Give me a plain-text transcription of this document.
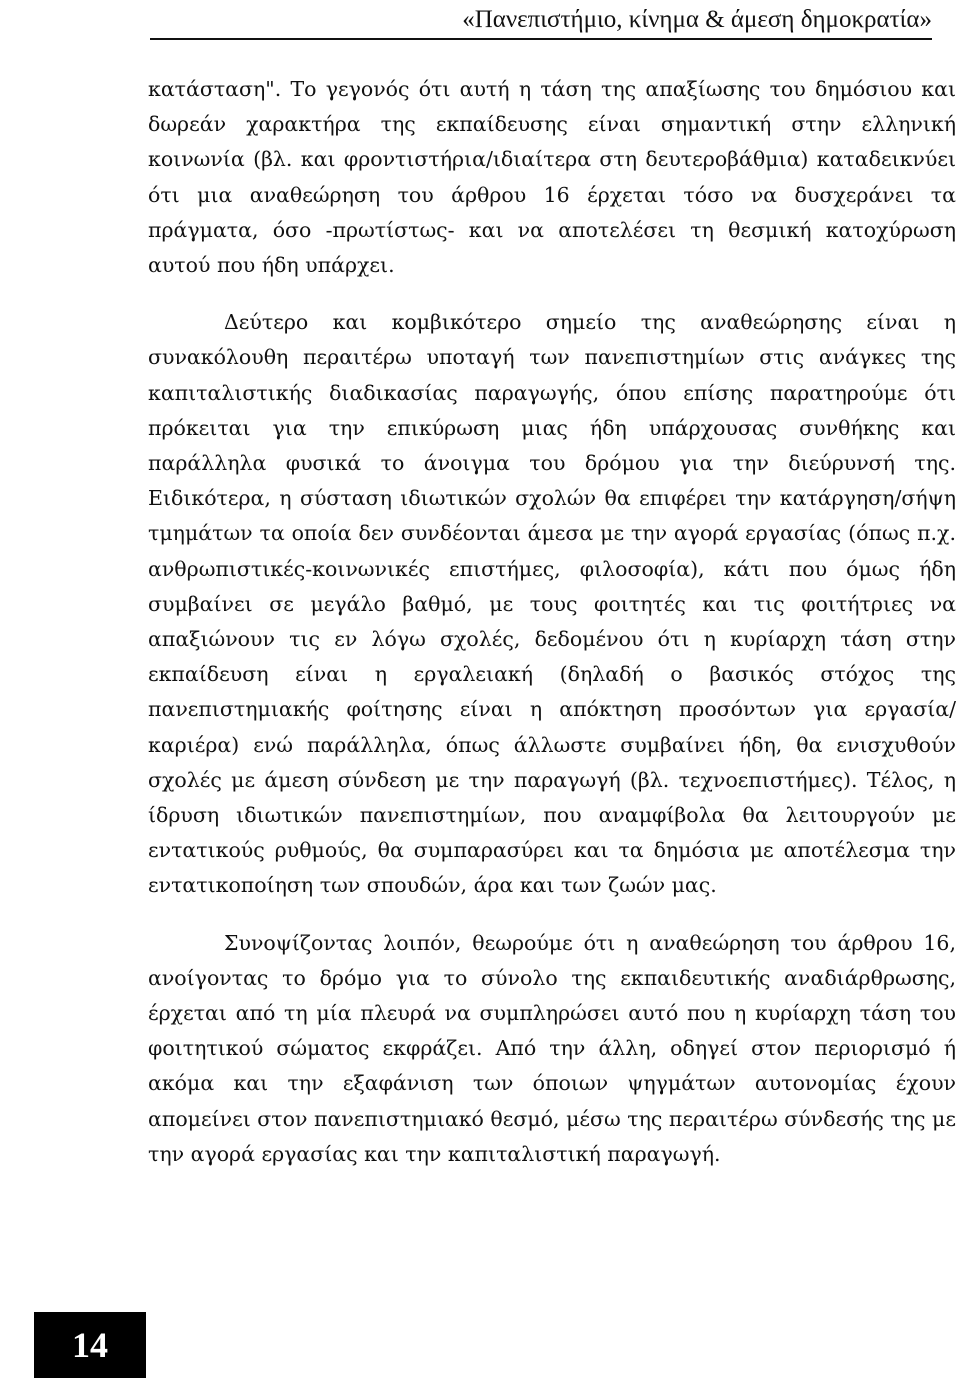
«Πανεπιστήμιο, κίνημα & άμεση δημοκρατία»

κατάσταση". Το γεγονός ότι αυτή η τάση της απαξίωσης του δημόσιου και δωρεάν χαρακτήρα της εκπαίδευσης είναι σημαντική στην ελληνική κοινωνία (βλ. και φροντιστήρια/ιδιαίτερα στη δευτεροβάθμια) καταδεικνύει ότι μια αναθεώρηση του άρθρου 16 έρχεται τόσο να δυσχεράνει τα πράγματα, όσο -πρωτίστως- και να αποτελέσει τη θεσμική κατοχύρωση αυτού που ήδη υπάρχει.

Δεύτερο και κομβικότερο σημείο της αναθεώρησης είναι η συνακόλουθη περαιτέρω υποταγή των πανεπιστημίων στις ανάγκες της καπιταλιστικής διαδικασίας παραγωγής, όπου επίσης παρατηρούμε ότι πρόκειται για την επικύρωση μιας ήδη υπάρχουσας συνθήκης και παράλληλα φυσικά το άνοιγμα του δρόμου για την διεύρυνσή της. Ειδικότερα, η σύσταση ιδιωτικών σχολών θα επιφέρει την κατάργηση/σήψη τμημάτων τα οποία δεν συνδέονται άμεσα με την αγορά εργασίας (όπως π.χ. ανθρωπιστικές-κοινωνικές επιστήμες, φιλοσοφία), κάτι που όμως ήδη συμβαίνει σε μεγάλο βαθμό, με τους φοιτητές και τις φοιτήτριες να απαξιώνουν τις εν λόγω σχολές, δεδομένου ότι η κυρίαρχη τάση στην εκπαίδευση είναι η εργαλειακή (δηλαδή ο βασικός στόχος της πανεπιστημιακής φοίτησης είναι η απόκτηση προσόντων για εργασία/καριέρα) ενώ παράλληλα, όπως άλλωστε συμβαίνει ήδη, θα ενισχυθούν σχολές με άμεση σύνδεση με την παραγωγή (βλ. τεχνοεπιστήμες). Τέλος, η ίδρυση ιδιωτικών πανεπιστημίων, που αναμφίβολα θα λειτουργούν με εντατικούς ρυθμούς, θα συμπαρασύρει και τα δημόσια με αποτέλεσμα την εντατικοποίηση των σπουδών, άρα και των ζωών μας.

Συνοψίζοντας λοιπόν, θεωρούμε ότι η αναθεώρηση του άρθρου 16, ανοίγοντας το δρόμο για το σύνολο της εκπαιδευτικής αναδιάρθρωσης, έρχεται από τη μία πλευρά να συμπληρώσει αυτό που η κυρίαρχη τάση του φοιτητικού σώματος εκφράζει. Από την άλλη, οδηγεί στον περιορισμό ή ακόμα και την εξαφάνιση των όποιων ψηγμάτων αυτονομίας έχουν απομείνει στον πανεπιστημιακό θεσμό, μέσω της περαιτέρω σύνδεσής της με την αγορά εργασίας και την καπιταλιστική παραγωγή.

14
